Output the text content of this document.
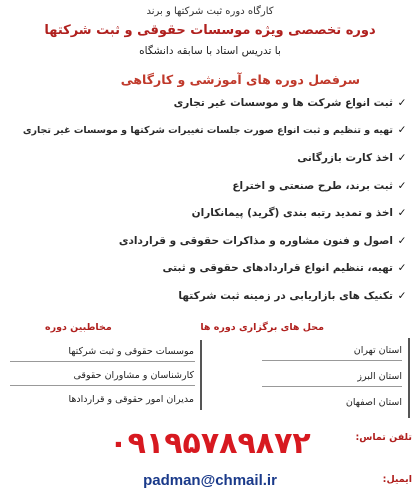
کارگاه دوره ثبت شرکتها و برند
دوره تخصصی ویژه موسسات حقوقی و ثبت شرکتها
با تدریس استاد با سابقه دانشگاه
سرفصل دوره های آموزشی و کارگاهی
✓ثبت انواع شرکت ها و موسسات غیر تجاری
✓تهیه و تنظیم و ثبت انواع صورت جلسات تغییرات شرکتها و موسسات غیر تجاری
✓اخذ کارت بازرگانی
✓ثبت برند، طرح صنعتی و اختراع
✓اخذ و تمدید رتبه بندی (گرید) پیمانکاران
✓اصول و فنون مشاوره و مذاکرات حقوقی و قراردادی
✓تهیه، تنظیم انواع قراردادهای حقوقی و ثبتی
✓تکنیک های بازاریابی در زمینه ثبت شرکتها
محل های برگزاری دوره ها
استان تهران
استان البرز
استان اصفهان
مخاطبین دوره
موسسات حقوقی و ثبت شرکتها
کارشناسان و مشاوران حقوقی
مدیران امور حقوقی و قراردادها
تلفن تماس:
۰۹۱۹۵۷۸۹۸۷۲
ایمیل:
padman@chmail.ir
